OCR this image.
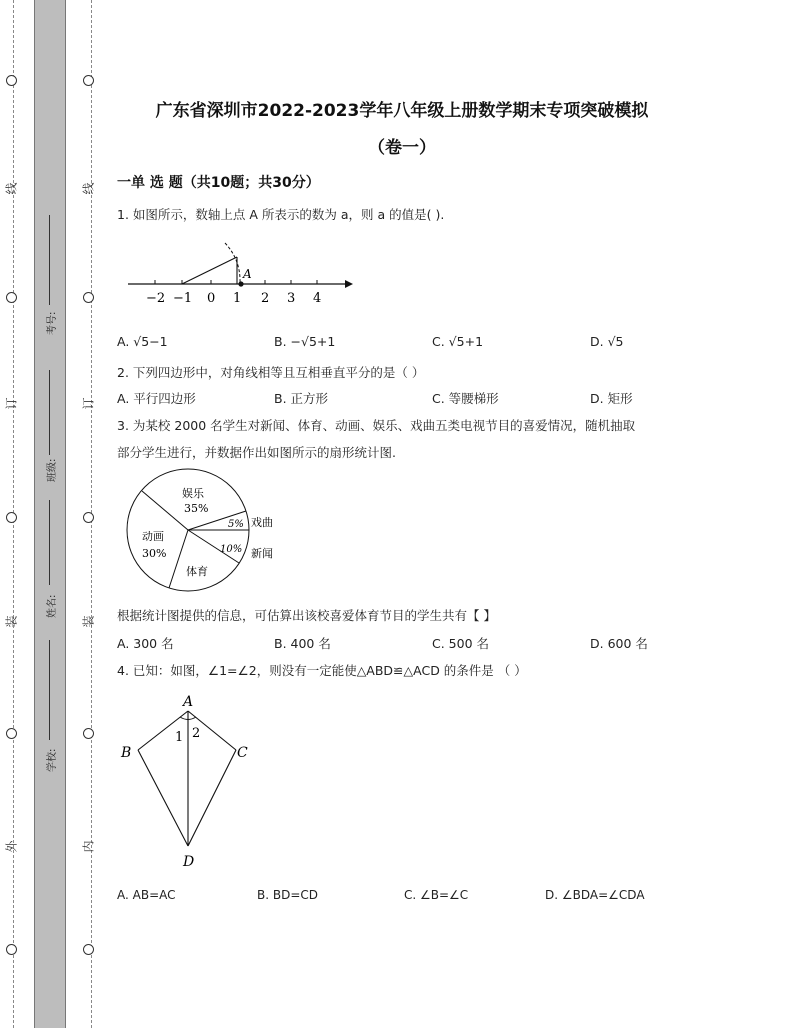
线
订
装
外
线
订
装
内
考号:
班级:
姓名:
学校:
广东省深圳市2022-2023学年八年级上册数学期末专项突破模拟
（卷一）
一单 选 题（共10题；共30分）
1. 如图所示，数轴上点 A 所表示的数为 a，则 a 的值是( ).
A
−2 −1 0 1 2 3 4
A. √5−1	B. −√5+1	C. √5+1	D. √5
2. 下列四边形中，对角线相等且互相垂直平分的是（ ）
A. 平行四边形	B. 正方形	C. 等腰梯形	D. 矩形
3. 为某校 2000 名学生对新闻、体育、动画、娱乐、戏曲五类电视节目的喜爱情况，随机抽取
部分学生进行，并数据作出如图所示的扇形统计图.
娱乐
35%
5% 戏曲
10% 新闻
动画
30%
体育
根据统计图提供的信息，可估算出该校喜爱体育节目的学生共有【 】
A. 300 名	B. 400 名	C. 500 名	D. 600 名
4. 已知：如图，∠1=∠2，则没有一定能使△ABD≌△ACD 的条件是 （ ）
A
B	C
D
1 2
A. AB=AC	B. BD=CD	C. ∠B=∠C	D. ∠BDA=∠CDA
